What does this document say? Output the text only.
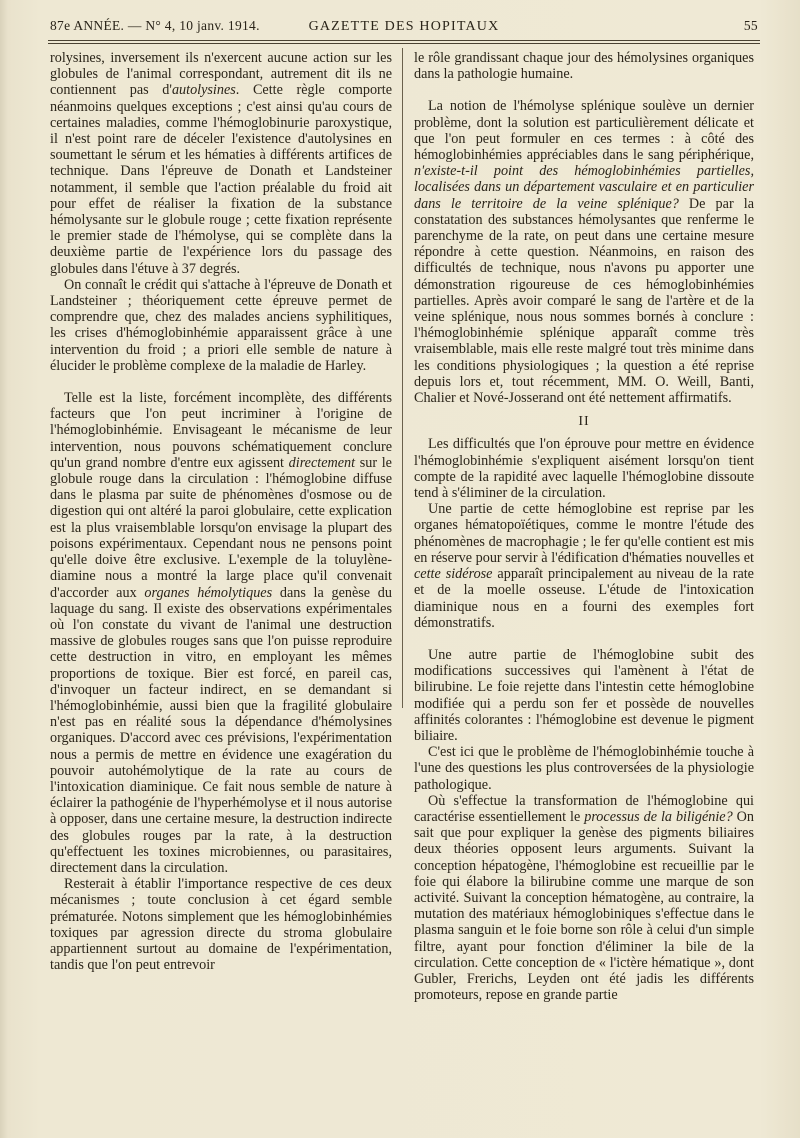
87e ANNÉE. — N° 4, 10 janv. 1914.	GAZETTE DES HOPITAUX	55

rolysines, inversement ils n'exercent aucune action sur les globules de l'animal correspondant, autrement dit ils ne contiennent pas d'autolysines. Cette règle comporte néanmoins quelques exceptions ; c'est ainsi qu'au cours de certaines maladies, comme l'hémoglobinurie paroxystique, il n'est point rare de déceler l'existence d'autolysines en soumettant le sérum et les hématies à différents artifices de technique. Dans l'épreuve de Donath et Landsteiner notamment, il semble que l'action préalable du froid ait pour effet de réaliser la fixation de la substance hémolysante sur le globule rouge ; cette fixation représente le premier stade de l'hémolyse, qui se complète dans la deuxième partie de l'expérience lors du passage des globules dans l'étuve à 37 degrés.

On connaît le crédit qui s'attache à l'épreuve de Donath et Landsteiner ; théoriquement cette épreuve permet de comprendre que, chez des malades anciens syphilitiques, les crises d'hémoglobinhémie apparaissent grâce à une intervention du froid ; a priori elle semble de nature à élucider le problème complexe de la maladie de Harley.

Telle est la liste, forcément incomplète, des différents facteurs que l'on peut incriminer à l'origine de l'hémoglobinhémie. Envisageant le mécanisme de leur intervention, nous pouvons schématiquement conclure qu'un grand nombre d'entre eux agissent directement sur le globule rouge dans la circulation : l'hémoglobine diffuse dans le plasma par suite de phénomènes d'osmose ou de digestion qui ont altéré la paroi globulaire, cette explication est la plus vraisemblable lorsqu'on envisage la plupart des poisons expérimentaux. Cependant nous ne pensons point qu'elle doive être exclusive. L'exemple de la toluylène-diamine nous a montré la large place qu'il convenait d'accorder aux organes hémolytiques dans la genèse du laquage du sang. Il existe des observations expérimentales où l'on constate du vivant de l'animal une destruction massive de globules rouges sans que l'on puisse reproduire cette destruction in vitro, en employant les mêmes proportions de toxique. Bier est forcé, en pareil cas, d'invoquer un facteur indirect, en se demandant si l'hémoglobinhémie, aussi bien que la fragilité globulaire n'est pas en réalité sous la dépendance d'hémolysines organiques. D'accord avec ces prévisions, l'expérimentation nous a permis de mettre en évidence une exagération du pouvoir autohémolytique de la rate au cours de l'intoxication diaminique. Ce fait nous semble de nature à éclairer la pathogénie de l'hyperhémolyse et il nous autorise à opposer, dans une certaine mesure, la destruction indirecte des globules rouges par la rate, à la destruction qu'effectuent les toxines microbiennes, ou parasitaires, directement dans la circulation.

Resterait à établir l'importance respective de ces deux mécanismes ; toute conclusion à cet égard semble prématurée. Notons simplement que les hémoglobinhémies toxiques par agression directe du stroma globulaire appartiennent surtout au domaine de l'expérimentation, tandis que l'on peut entrevoir

le rôle grandissant chaque jour des hémolysines organiques dans la pathologie humaine.

La notion de l'hémolyse splénique soulève un dernier problème, dont la solution est particulièrement délicate et que l'on peut formuler en ces termes : à côté des hémoglobinhémies appréciables dans le sang périphérique, n'existe-t-il point des hémoglobinhémies partielles, localisées dans un département vasculaire et en particulier dans le territoire de la veine splénique? De par la constatation des substances hémolysantes que renferme le parenchyme de la rate, on peut dans une certaine mesure répondre à cette question. Néanmoins, en raison des difficultés de technique, nous n'avons pu apporter une démonstration rigoureuse de ces hémoglobinhémies partielles. Après avoir comparé le sang de l'artère et de la veine splénique, nous nous sommes bornés à conclure : l'hémoglobinhémie splénique apparaît comme très vraisemblable, mais elle reste malgré tout très minime dans les conditions physiologiques ; la question a été reprise depuis lors et, tout récemment, MM. O. Weill, Banti, Chalier et Nové-Josserand ont été nettement affirmatifs.

II

Les difficultés que l'on éprouve pour mettre en évidence l'hémoglobinhémie s'expliquent aisément lorsqu'on tient compte de la rapidité avec laquelle l'hémoglobine dissoute tend à s'éliminer de la circulation.

Une partie de cette hémoglobine est reprise par les organes hématopoïétiques, comme le montre l'étude des phénomènes de macrophagie ; le fer qu'elle contient est mis en réserve pour servir à l'édification d'hématies nouvelles et cette sidérose apparaît principalement au niveau de la rate et de la moelle osseuse. L'étude de l'intoxication diaminique nous en a fourni des exemples fort démonstratifs.

Une autre partie de l'hémoglobine subit des modifications successives qui l'amènent à l'état de bilirubine. Le foie rejette dans l'intestin cette hémoglobine modifiée qui a perdu son fer et possède de nouvelles affinités colorantes : l'hémoglobine est devenue le pigment biliaire.

C'est ici que le problème de l'hémoglobinhémie touche à l'une des questions les plus controversées de la physiologie pathologique.

Où s'effectue la transformation de l'hémoglobine qui caractérise essentiellement le processus de la biligénie? On sait que pour expliquer la genèse des pigments biliaires deux théories opposent leurs arguments. Suivant la conception hépatogène, l'hémoglobine est recueillie par le foie qui élabore la bilirubine comme une marque de son activité. Suivant la conception hématogène, au contraire, la mutation des matériaux hémoglobiniques s'effectue dans le plasma sanguin et le foie borne son rôle à celui d'un simple filtre, ayant pour fonction d'éliminer la bile de la circulation. Cette conception de « l'ictère hématique », dont Gubler, Frerichs, Leyden ont été jadis les différents promoteurs, repose en grande partie
